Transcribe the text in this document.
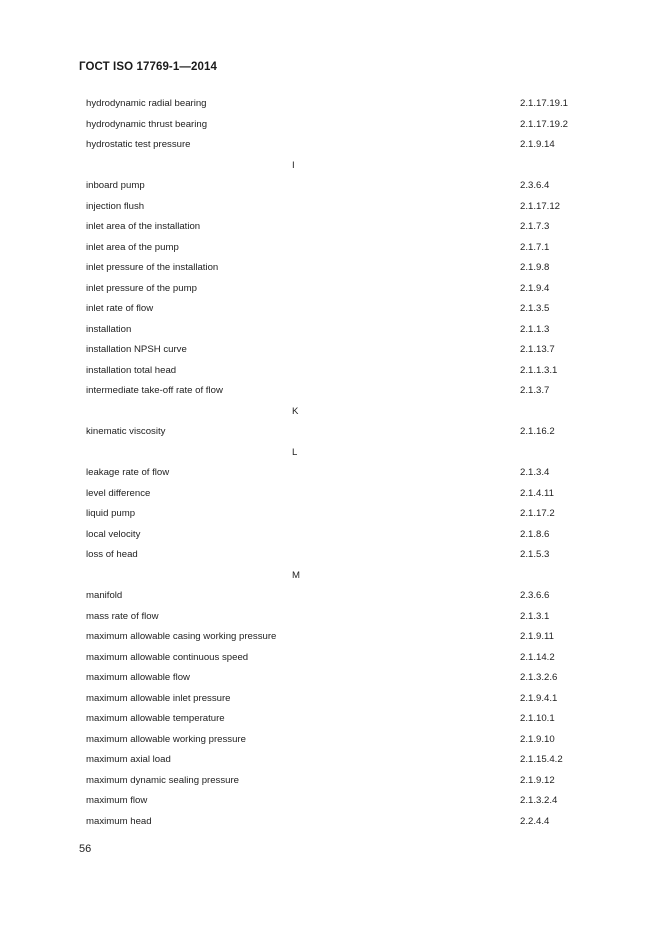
ГОСТ ISO 17769-1—2014
hydrodynamic radial bearing	2.1.17.19.1
hydrodynamic thrust bearing	2.1.17.19.2
hydrostatic test pressure	2.1.9.14
I
inboard pump	2.3.6.4
injection flush	2.1.17.12
inlet area of the installation	2.1.7.3
inlet area of the pump	2.1.7.1
inlet pressure of the installation	2.1.9.8
inlet pressure of the pump	2.1.9.4
inlet rate of flow	2.1.3.5
installation	2.1.1.3
installation NPSH curve	2.1.13.7
installation total head	2.1.1.3.1
intermediate take-off rate of flow	2.1.3.7
K
kinematic viscosity	2.1.16.2
L
leakage rate of flow	2.1.3.4
level difference	2.1.4.11
liquid pump	2.1.17.2
local velocity	2.1.8.6
loss of head	2.1.5.3
M
manifold	2.3.6.6
mass rate of flow	2.1.3.1
maximum allowable casing working pressure	2.1.9.11
maximum allowable continuous speed	2.1.14.2
maximum allowable flow	2.1.3.2.6
maximum allowable inlet pressure	2.1.9.4.1
maximum allowable temperature	2.1.10.1
maximum allowable working pressure	2.1.9.10
maximum axial load	2.1.15.4.2
maximum dynamic sealing pressure	2.1.9.12
maximum flow	2.1.3.2.4
maximum head	2.2.4.4
56
